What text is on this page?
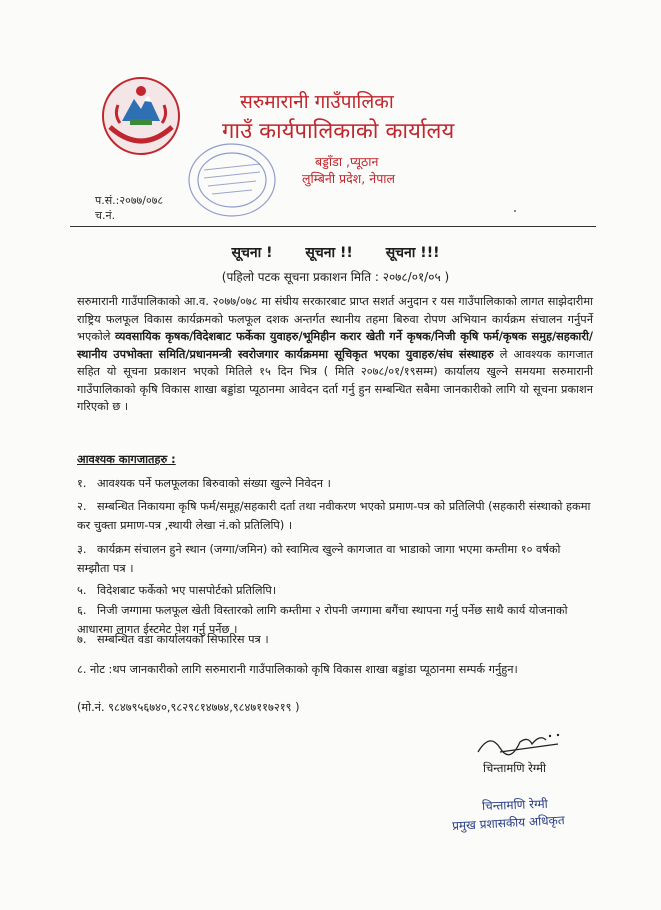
सरुमारानी गाउँपालिका
गाउँ कार्यपालिकाको कार्यालय
बड्डाँडा ,प्यूठान
लुम्बिनी प्रदेश, नेपाल
प.सं.:२०७७/०७८
च.नं.
सूचना ! सूचना !! सूचना !!!
(पहिलो पटक सूचना प्रकाशन मिति : २०७८/०१/०५ )
सरुमारानी गाउँपालिकाको आ.व. २०७७/०७८ मा संघीय सरकारबाट प्राप्त सशर्त अनुदान र यस गाउँपालिकाको लागत साझेदारीमा राष्ट्रिय फलफूल विकास कार्यक्रमको फलफूल दशक अन्तर्गत स्थानीय तहमा बिरुवा रोपण अभियान कार्यक्रम संचालन गर्नुपर्ने भएकोले व्यवसायिक कृषक/विदेशबाट फर्केका युवाहरु/भूमिहीन करार खेती गर्ने कृषक/निजी कृषि फर्म/कृषक समुह/सहकारी/स्थानीय उपभोक्ता समिति/प्रधानमन्त्री स्वरोजगार कार्यक्रममा सूचिकृत भएका युवाहरु/संघ संस्थाहरु ले आवश्यक कागजात सहित यो सूचना प्रकाशन भएको मितिले १५ दिन भित्र ( मिति २०७८/०१/१९सम्म) कार्यालय खुल्ने समयमा सरुमारानी गाउँपालिकाको कृषि विकास शाखा बड्डांडा प्यूठानमा आवेदन दर्ता गर्नु हुन सम्बन्धित सबैमा जानकारीको लागि यो सूचना प्रकाशन गरिएको छ ।
आवश्यक कागजातहरु :
१. आवश्यक पर्ने फलफूलका बिरुवाको संख्या खुल्ने निवेदन ।
२. सम्बन्धित निकायमा कृषि फर्म/समूह/सहकारी दर्ता तथा नवीकरण भएको प्रमाण-पत्र को प्रतिलिपी (सहकारी संस्थाको हकमा कर चुक्ता प्रमाण-पत्र ,स्थायी लेखा नं.को प्रतिलिपि) ।
३. कार्यक्रम संचालन हुने स्थान (जग्गा/जमिन) को स्वामित्व खुल्ने कागजात वा भाडाको जागा भएमा कम्तीमा १० वर्षको सम्झौता पत्र ।
५. विदेशबाट फर्केको भए पासपोर्टको प्रतिलिपि।
६. निजी जग्गामा फलफूल खेती विस्तारको लागि कम्तीमा २ रोपनी जग्गामा बगैंचा स्थापना गर्नु पर्नेछ साथै कार्य योजनाको आधारमा लागत ईस्टमेट पेश गर्नु पर्नेछ ।
७. सम्बन्धित वडा कार्यालयको सिफारिस पत्र ।
८. नोट :थप जानकारीको लागि सरुमारानी गाउँपालिकाको कृषि विकास शाखा बड्डांडा प्यूठानमा सम्पर्क गर्नुहुन।
(मो.नं. ९८४७९५६७४०,९८२९८१४७७४,९८४७११७२१९ )
चिन्तामणि रेग्मी
चिन्तामणि रेग्मी
प्रमुख प्रशासकीय अधिकृत
